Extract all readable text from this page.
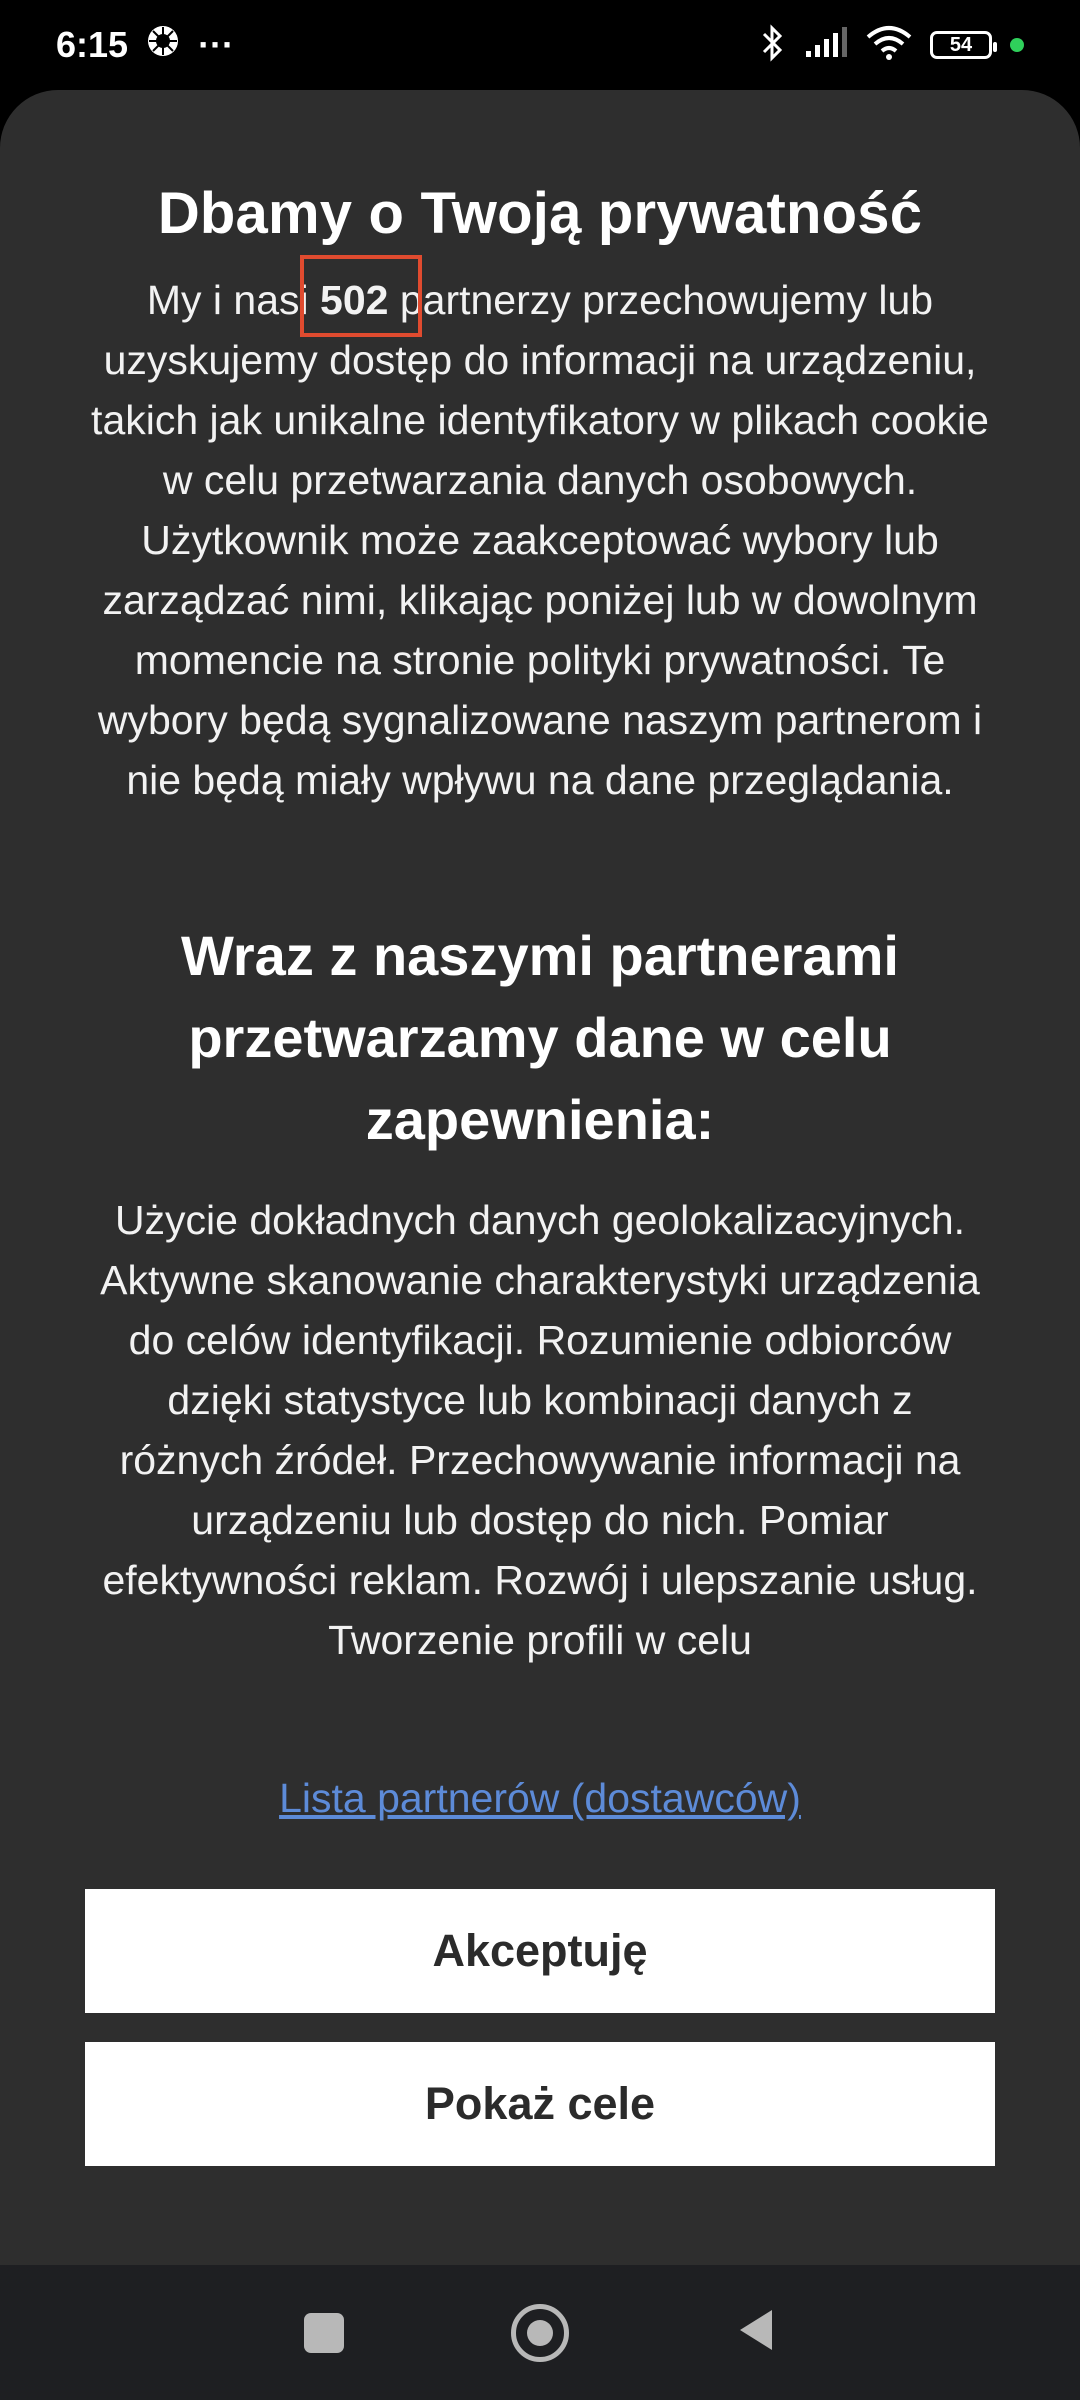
6:15 ···	54
Dbamy o Twoją prywatność
My i nasi 502 partnerzy przechowujemy lub uzyskujemy dostęp do informacji na urządzeniu, takich jak unikalne identyfikatory w plikach cookie w celu przetwarzania danych osobowych. Użytkownik może zaakceptować wybory lub zarządzać nimi, klikając poniżej lub w dowolnym momencie na stronie polityki prywatności. Te wybory będą sygnalizowane naszym partnerom i nie będą miały wpływu na dane przeglądania.
Wraz z naszymi partnerami przetwarzamy dane w celu zapewnienia:
Użycie dokładnych danych geolokalizacyjnych. Aktywne skanowanie charakterystyki urządzenia do celów identyfikacji. Rozumienie odbiorców dzięki statystyce lub kombinacji danych z różnych źródeł. Przechowywanie informacji na urządzeniu lub dostęp do nich. Pomiar efektywności reklam. Rozwój i ulepszanie usług. Tworzenie profili w celu
Lista partnerów (dostawców)
Akceptuję
Pokaż cele
